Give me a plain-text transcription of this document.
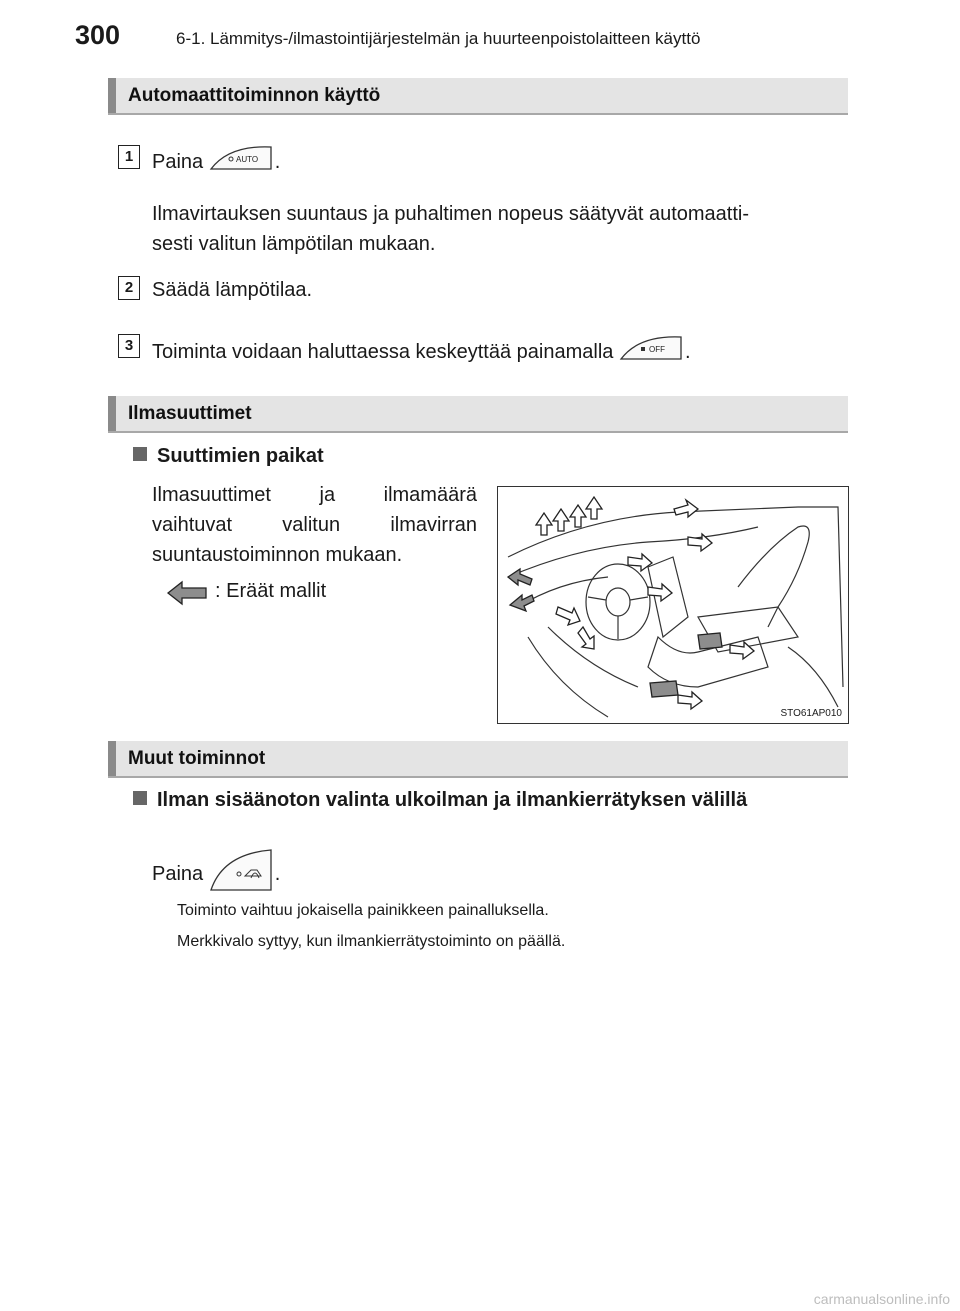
300	6-1. Lämmitys-/ilmastointijärjestelmän ja huurteenpoistolaitteen käyttö
Automaattitoiminnon käyttö
1 Paina	AUTO .
Ilmavirtauksen suuntaus ja puhaltimen nopeus säätyvät automaatti-
sesti valitun lämpötilan mukaan.
2 Säädä lämpötilaa.
3 Toiminta voidaan haluttaessa keskeyttää painamalla	OFF .
Ilmasuuttimet
Suuttimien paikat
Ilmasuuttimet ja ilmamäärä
vaihtuvat valitun ilmavirran
suuntaustoiminnon mukaan.
: Eräät mallit
STO61AP010
Muut toiminnot
Ilman sisäänoton valinta ulkoilman ja ilmankierrätyksen välillä
Paina	.
Toiminto vaihtuu jokaisella painikkeen painalluksella.
Merkkivalo syttyy, kun ilmankierrätystoiminto on päällä.
carmanualsonline.info
